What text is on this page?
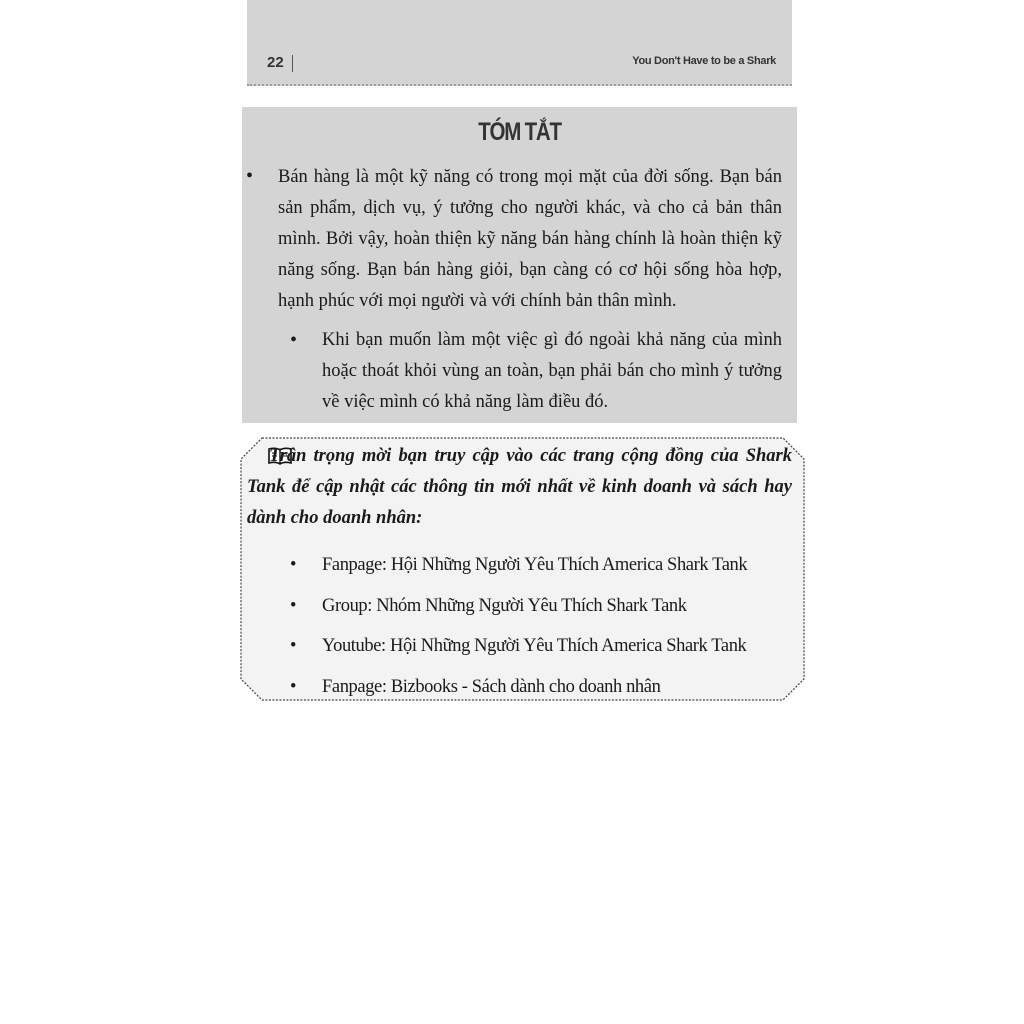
22	You Don't Have to be a Shark
TÓM TẮT
• Bán hàng là một kỹ năng có trong mọi mặt của đời sống. Bạn bán sản phẩm, dịch vụ, ý tưởng cho người khác, và cho cả bản thân mình. Bởi vậy, hoàn thiện kỹ năng bán hàng chính là hoàn thiện kỹ năng sống. Bạn bán hàng giỏi, bạn càng có cơ hội sống hòa hợp, hạnh phúc với mọi người và với chính bản thân mình.
• Khi bạn muốn làm một việc gì đó ngoài khả năng của mình hoặc thoát khỏi vùng an toàn, bạn phải bán cho mình ý tưởng về việc mình có khả năng làm điều đó.
Trân trọng mời bạn truy cập vào các trang cộng đồng của Shark Tank để cập nhật các thông tin mới nhất về kinh doanh và sách hay dành cho doanh nhân:
• Fanpage: Hội Những Người Yêu Thích America Shark Tank
• Group: Nhóm Những Người Yêu Thích Shark Tank
• Youtube: Hội Những Người Yêu Thích America Shark Tank
• Fanpage: Bizbooks - Sách dành cho doanh nhân
